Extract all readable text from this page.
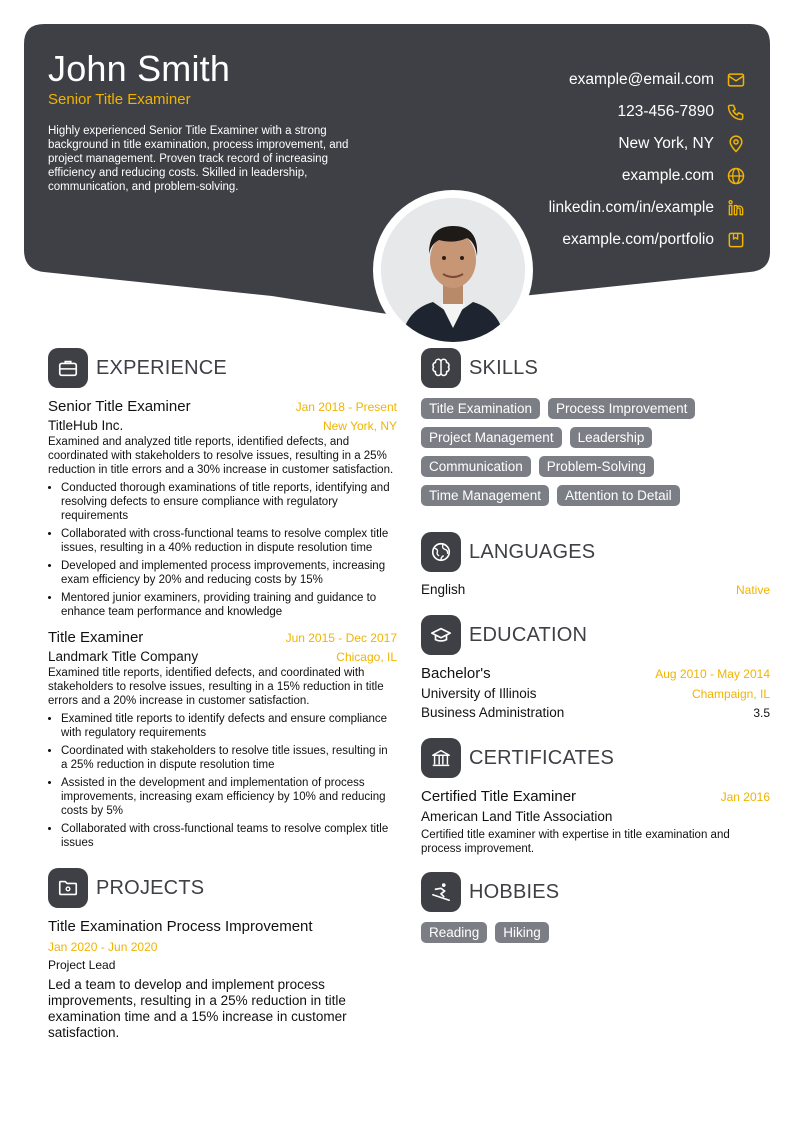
John Smith
Senior Title Examiner
Highly experienced Senior Title Examiner with a strong background in title examination, process improvement, and project management. Proven track record of increasing efficiency and reducing costs. Skilled in leadership, communication, and problem-solving.
example@email.com
123-456-7890
New York, NY
example.com
linkedin.com/in/example
example.com/portfolio
EXPERIENCE
Senior Title Examiner	Jan 2018 - Present
TitleHub Inc.	New York, NY
Examined and analyzed title reports, identified defects, and coordinated with stakeholders to resolve issues, resulting in a 25% reduction in title errors and a 30% increase in customer satisfaction.
• Conducted thorough examinations of title reports, identifying and resolving defects to ensure compliance with regulatory requirements
• Collaborated with cross-functional teams to resolve complex title issues, resulting in a 40% reduction in dispute resolution time
• Developed and implemented process improvements, increasing exam efficiency by 20% and reducing costs by 15%
• Mentored junior examiners, providing training and guidance to enhance team performance and knowledge
Title Examiner	Jun 2015 - Dec 2017
Landmark Title Company	Chicago, IL
Examined title reports, identified defects, and coordinated with stakeholders to resolve issues, resulting in a 15% reduction in title errors and a 20% increase in customer satisfaction.
• Examined title reports to identify defects and ensure compliance with regulatory requirements
• Coordinated with stakeholders to resolve title issues, resulting in a 25% reduction in dispute resolution time
• Assisted in the development and implementation of process improvements, increasing exam efficiency by 10% and reducing costs by 5%
• Collaborated with cross-functional teams to resolve complex title issues
PROJECTS
Title Examination Process Improvement
Jan 2020 - Jun 2020
Project Lead
Led a team to develop and implement process improvements, resulting in a 25% reduction in title examination time and a 15% increase in customer satisfaction.
SKILLS
Title Examination	Process Improvement
Project Management	Leadership
Communication	Problem-Solving
Time Management	Attention to Detail
LANGUAGES
English	Native
EDUCATION
Bachelor's	Aug 2010 - May 2014
University of Illinois	Champaign, IL
Business Administration	3.5
CERTIFICATES
Certified Title Examiner	Jan 2016
American Land Title Association
Certified title examiner with expertise in title examination and process improvement.
HOBBIES
Reading	Hiking
